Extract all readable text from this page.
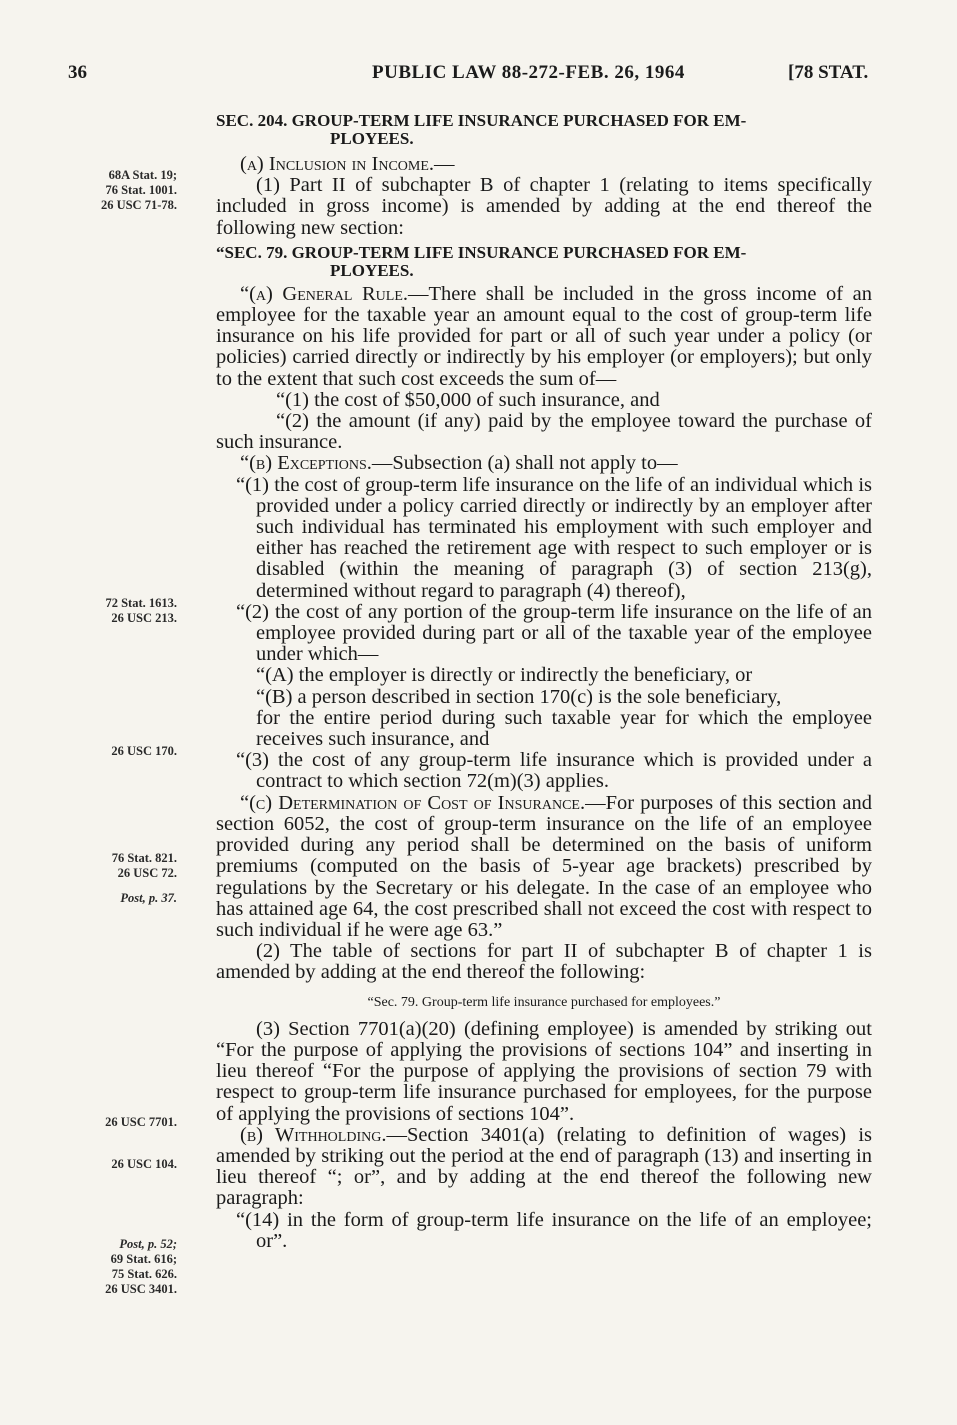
36	PUBLIC LAW 88-272-FEB. 26, 1964	[78 STAT.
68A Stat. 19;
76 Stat. 1001.
26 USC 71-78.
72 Stat. 1613.
26 USC 213.
26 USC 170.
76 Stat. 821.
26 USC 72.
Post, p. 37.
26 USC 7701.
26 USC 104.
Post, p. 52;
69 Stat. 616;
75 Stat. 626.
26 USC 3401.

SEC. 204. GROUP-TERM LIFE INSURANCE PURCHASED FOR EM-
PLOYEES.

(a) Inclusion in Income.—

(1) Part II of subchapter B of chapter 1 (relating to items specifically included in gross income) is amended by adding at the end thereof the following new section:

“SEC. 79. GROUP-TERM LIFE INSURANCE PURCHASED FOR EM-
PLOYEES.

“(a) General Rule.—There shall be included in the gross income of an employee for the taxable year an amount equal to the cost of group-term life insurance on his life provided for part or all of such year under a policy (or policies) carried directly or indirectly by his employer (or employers); but only to the extent that such cost exceeds the sum of—

“(1) the cost of $50,000 of such insurance, and

“(2) the amount (if any) paid by the employee toward the purchase of such insurance.

“(b) Exceptions.—Subsection (a) shall not apply to—

“(1) the cost of group-term life insurance on the life of an individual which is provided under a policy carried directly or indirectly by an employer after such individual has terminated his employment with such employer and either has reached the retirement age with respect to such employer or is disabled (within the meaning of paragraph (3) of section 213(g), determined without regard to paragraph (4) thereof),

“(2) the cost of any portion of the group-term life insurance on the life of an employee provided during part or all of the taxable year of the employee under which—

“(A) the employer is directly or indirectly the beneficiary, or

“(B) a person described in section 170(c) is the sole beneficiary,

for the entire period during such taxable year for which the employee receives such insurance, and

“(3) the cost of any group-term life insurance which is provided under a contract to which section 72(m)(3) applies.

“(c) Determination of Cost of Insurance.—For purposes of this section and section 6052, the cost of group-term insurance on the life of an employee provided during any period shall be determined on the basis of uniform premiums (computed on the basis of 5-year age brackets) prescribed by regulations by the Secretary or his delegate. In the case of an employee who has attained age 64, the cost prescribed shall not exceed the cost with respect to such individual if he were age 63.”

(2) The table of sections for part II of subchapter B of chapter 1 is amended by adding at the end thereof the following:

“Sec. 79. Group-term life insurance purchased for employees.”

(3) Section 7701(a)(20) (defining employee) is amended by striking out “For the purpose of applying the provisions of sections 104” and inserting in lieu thereof “For the purpose of applying the provisions of section 79 with respect to group-term life insurance purchased for employees, for the purpose of applying the provisions of sections 104”.

(b) Withholding.—Section 3401(a) (relating to definition of wages) is amended by striking out the period at the end of paragraph (13) and inserting in lieu thereof “; or”, and by adding at the end thereof the following new paragraph:

“(14) in the form of group-term life insurance on the life of an employee; or”.
